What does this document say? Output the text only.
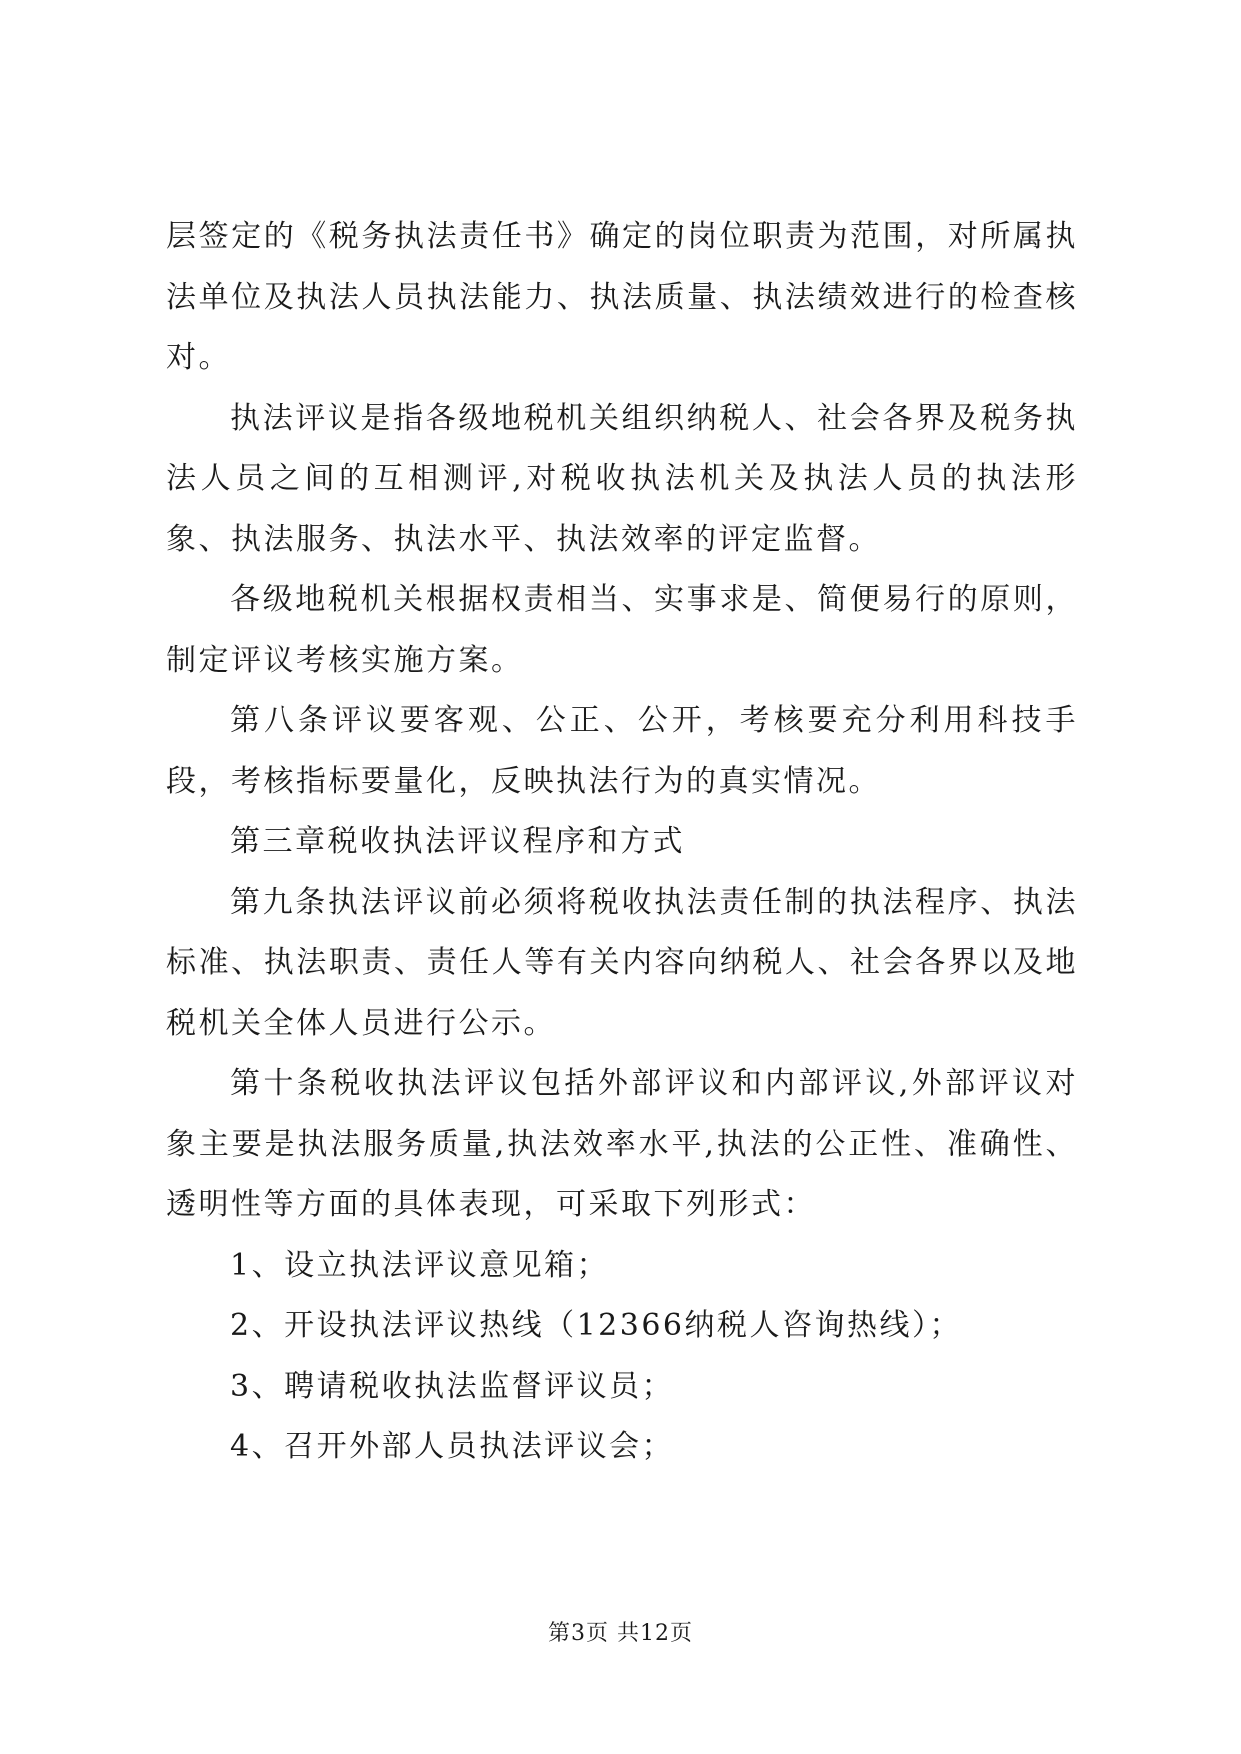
层签定的《税务执法责任书》确定的岗位职责为范围，对所属执法单位及执法人员执法能力、执法质量、执法绩效进行的检查核对。

执法评议是指各级地税机关组织纳税人、社会各界及税务执法人员之间的互相测评,对税收执法机关及执法人员的执法形象、执法服务、执法水平、执法效率的评定监督。

各级地税机关根据权责相当、实事求是、简便易行的原则，制定评议考核实施方案。

第八条评议要客观、公正、公开，考核要充分利用科技手段，考核指标要量化，反映执法行为的真实情况。

第三章税收执法评议程序和方式

第九条执法评议前必须将税收执法责任制的执法程序、执法标准、执法职责、责任人等有关内容向纳税人、社会各界以及地税机关全体人员进行公示。

第十条税收执法评议包括外部评议和内部评议,外部评议对象主要是执法服务质量,执法效率水平,执法的公正性、准确性、透明性等方面的具体表现，可采取下列形式：

1、设立执法评议意见箱；

2、开设执法评议热线（12366纳税人咨询热线）；

3、聘请税收执法监督评议员；

4、召开外部人员执法评议会；

第3页 共12页
